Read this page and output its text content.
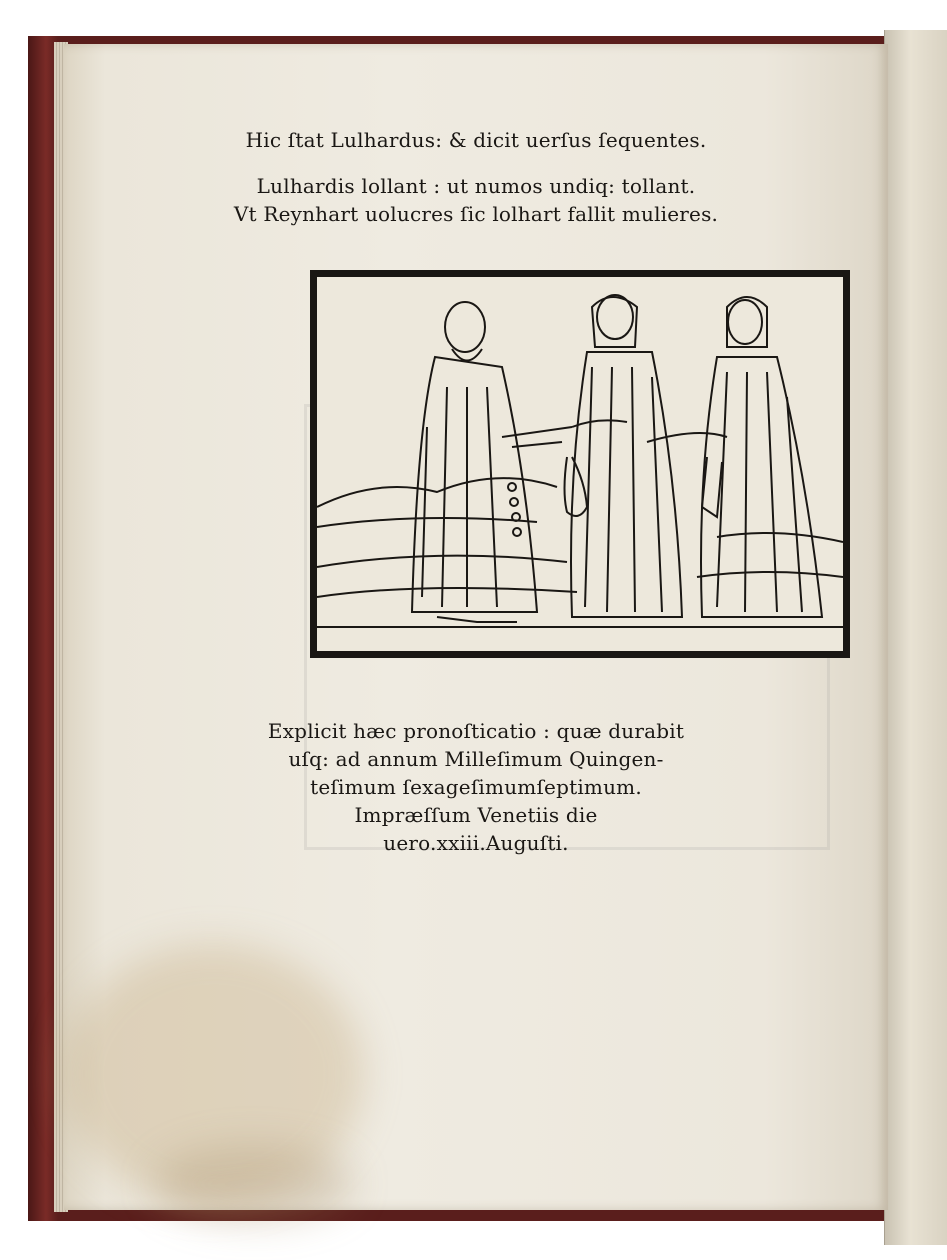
Hic ſtat Lulhardus: & dicit uerſus ſequentes.
Lulhardis lollant : ut numos undiq: tollant.
Vt Reynhart uolucres ſic lolhart fallit mulieres.
Explicit hæc pronoſticatio : quæ durabit
uſq: ad annum Milleſimum Quingen-
teſimum ſexageſimumſeptimum.
Impræſſum Venetiis die
uero.xxiii.Auguſti.
